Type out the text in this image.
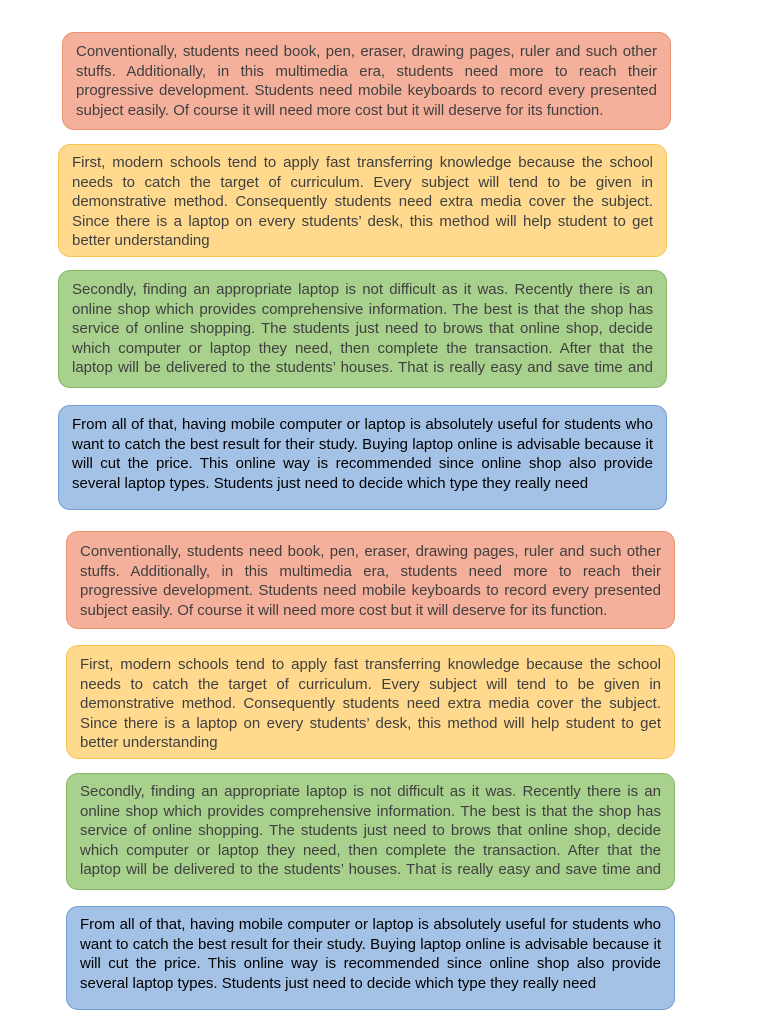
Conventionally, students need book, pen, eraser, drawing pages, ruler and such other
stuffs. Additionally, in this multimedia era, students need more to reach their
progressive development. Students need mobile keyboards to record every presented
subject easily. Of course it will need more cost but it will deserve for its function.
First, modern schools tend to apply fast transferring knowledge because the school
needs to catch the target of curriculum. Every subject will tend to be given in
demonstrative method. Consequently students need extra media cover the subject.
Since there is a laptop on every students’ desk, this method will help student to get
better understanding
Secondly, finding an appropriate laptop is not difficult as it was. Recently there is an
online shop which provides comprehensive information. The best is that the shop has
service of online shopping. The students just need to brows that online shop, decide
which computer or laptop they need, then complete the transaction. After that the
laptop will be delivered to the students’ houses. That is really easy and save time and
From all of that, having mobile computer or laptop is absolutely useful for students who
want to catch the best result for their study. Buying laptop online is advisable because it
will cut the price. This online way is recommended since online shop also provide
several laptop types. Students just need to decide which type they really need
Conventionally, students need book, pen, eraser, drawing pages, ruler and such other
stuffs. Additionally, in this multimedia era, students need more to reach their
progressive development. Students need mobile keyboards to record every presented
subject easily. Of course it will need more cost but it will deserve for its function.
First, modern schools tend to apply fast transferring knowledge because the school
needs to catch the target of curriculum. Every subject will tend to be given in
demonstrative method. Consequently students need extra media cover the subject.
Since there is a laptop on every students’ desk, this method will help student to get
better understanding
Secondly, finding an appropriate laptop is not difficult as it was. Recently there is an
online shop which provides comprehensive information. The best is that the shop has
service of online shopping. The students just need to brows that online shop, decide
which computer or laptop they need, then complete the transaction. After that the
laptop will be delivered to the students’ houses. That is really easy and save time and
From all of that, having mobile computer or laptop is absolutely useful for students who
want to catch the best result for their study. Buying laptop online is advisable because it
will cut the price. This online way is recommended since online shop also provide
several laptop types. Students just need to decide which type they really need
